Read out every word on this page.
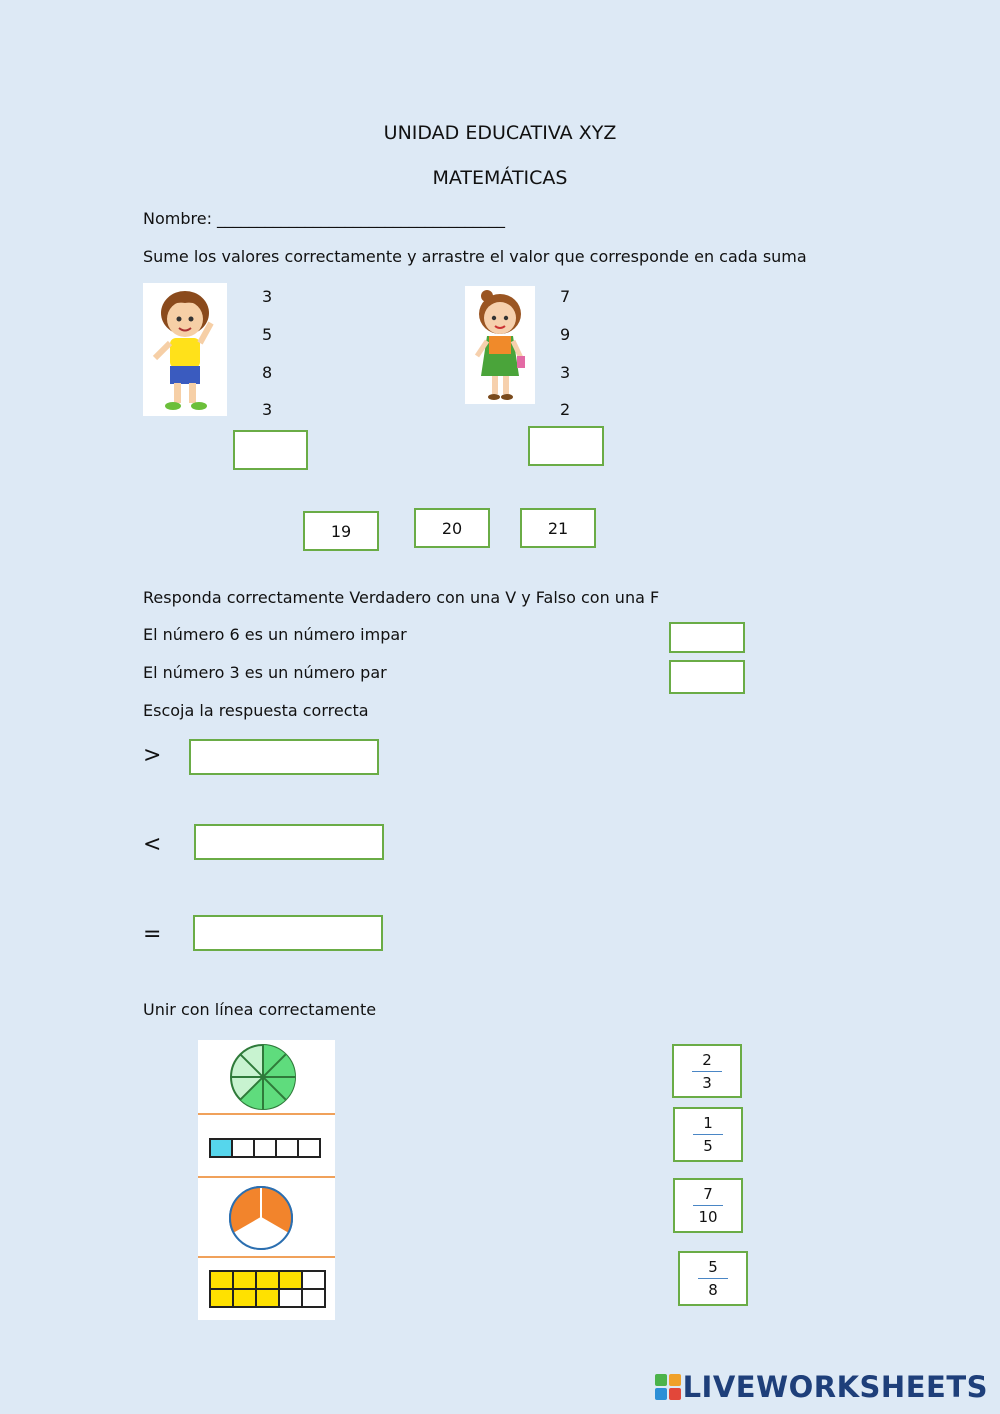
UNIDAD EDUCATIVA XYZ
MATEMÁTICAS
Nombre: ____________________________________
Sume los valores correctamente y arrastre el valor que corresponde en cada suma
3
5
8
3
7
9
3
2
19	20	21
Responda correctamente Verdadero con una V y Falso con una F
El número 6 es un número impar
El número 3 es un número par
Escoja la respuesta correcta
>
<
=
Unir con línea correctamente
2
3
1
5
7
10
5
8
LIVEWORKSHEETS
